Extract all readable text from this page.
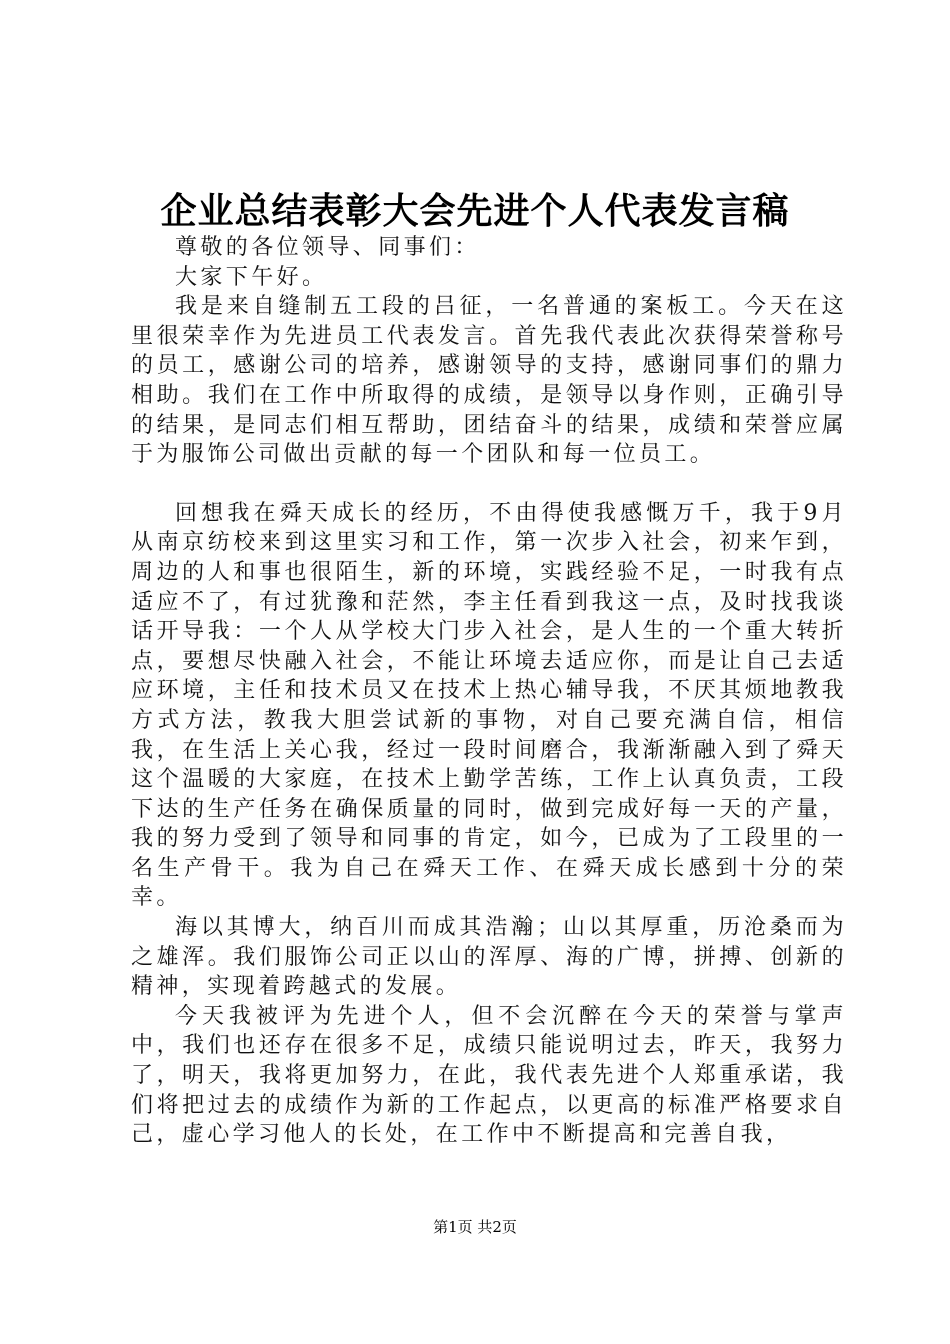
企业总结表彰大会先进个人代表发言稿

尊敬的各位领导、同事们：

大家下午好。

我是来自缝制五工段的吕征，一名普通的案板工。今天在这里很荣幸作为先进员工代表发言。首先我代表此次获得荣誉称号的员工，感谢公司的培养，感谢领导的支持，感谢同事们的鼎力相助。我们在工作中所取得的成绩，是领导以身作则，正确引导的结果，是同志们相互帮助，团结奋斗的结果，成绩和荣誉应属于为服饰公司做出贡献的每一个团队和每一位员工。

回想我在舜天成长的经历，不由得使我感慨万千，我于9月从南京纺校来到这里实习和工作，第一次步入社会，初来乍到，周边的人和事也很陌生，新的环境，实践经验不足，一时我有点适应不了，有过犹豫和茫然，李主任看到我这一点，及时找我谈话开导我：一个人从学校大门步入社会，是人生的一个重大转折点，要想尽快融入社会，不能让环境去适应你，而是让自己去适应环境，主任和技术员又在技术上热心辅导我，不厌其烦地教我方式方法，教我大胆尝试新的事物，对自己要充满自信，相信我，在生活上关心我，经过一段时间磨合，我渐渐融入到了舜天这个温暖的大家庭，在技术上勤学苦练，工作上认真负责，工段下达的生产任务在确保质量的同时，做到完成好每一天的产量，我的努力受到了领导和同事的肯定，如今，已成为了工段里的一名生产骨干。我为自己在舜天工作、在舜天成长感到十分的荣幸。

海以其博大，纳百川而成其浩瀚；山以其厚重，历沧桑而为之雄浑。我们服饰公司正以山的浑厚、海的广博，拼搏、创新的精神，实现着跨越式的发展。

今天我被评为先进个人，但不会沉醉在今天的荣誉与掌声中，我们也还存在很多不足，成绩只能说明过去，昨天，我努力了，明天，我将更加努力，在此，我代表先进个人郑重承诺，我们将把过去的成绩作为新的工作起点，以更高的标准严格要求自己，虚心学习他人的长处，在工作中不断提高和完善自我，

第1页 共2页
